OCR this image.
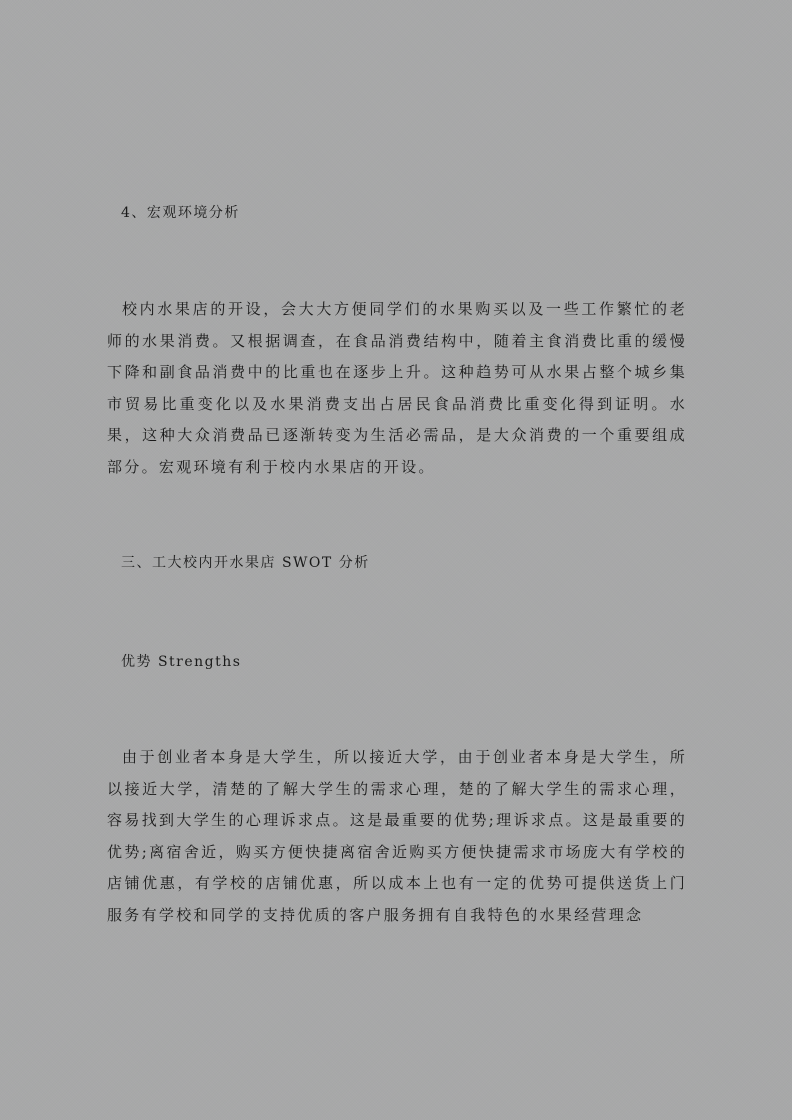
4、宏观环境分析

校内水果店的开设，会大大方便同学们的水果购买以及一些工作繁忙的老师的水果消费。又根据调查，在食品消费结构中，随着主食消费比重的缓慢下降和副食品消费中的比重也在逐步上升。这种趋势可从水果占整个城乡集市贸易比重变化以及水果消费支出占居民食品消费比重变化得到证明。水果，这种大众消费品已逐渐转变为生活必需品，是大众消费的一个重要组成部分。宏观环境有利于校内水果店的开设。

三、工大校内开水果店 SWOT 分析
优势 Strengths

由于创业者本身是大学生，所以接近大学，由于创业者本身是大学生，所以接近大学，清楚的了解大学生的需求心理，楚的了解大学生的需求心理，容易找到大学生的心理诉求点。这是最重要的优势;理诉求点。这是最重要的优势;离宿舍近，购买方便快捷离宿舍近购买方便快捷需求市场庞大有学校的店铺优惠，有学校的店铺优惠，所以成本上也有一定的优势可提供送货上门服务有学校和同学的支持优质的客户服务拥有自我特色的水果经营理念
